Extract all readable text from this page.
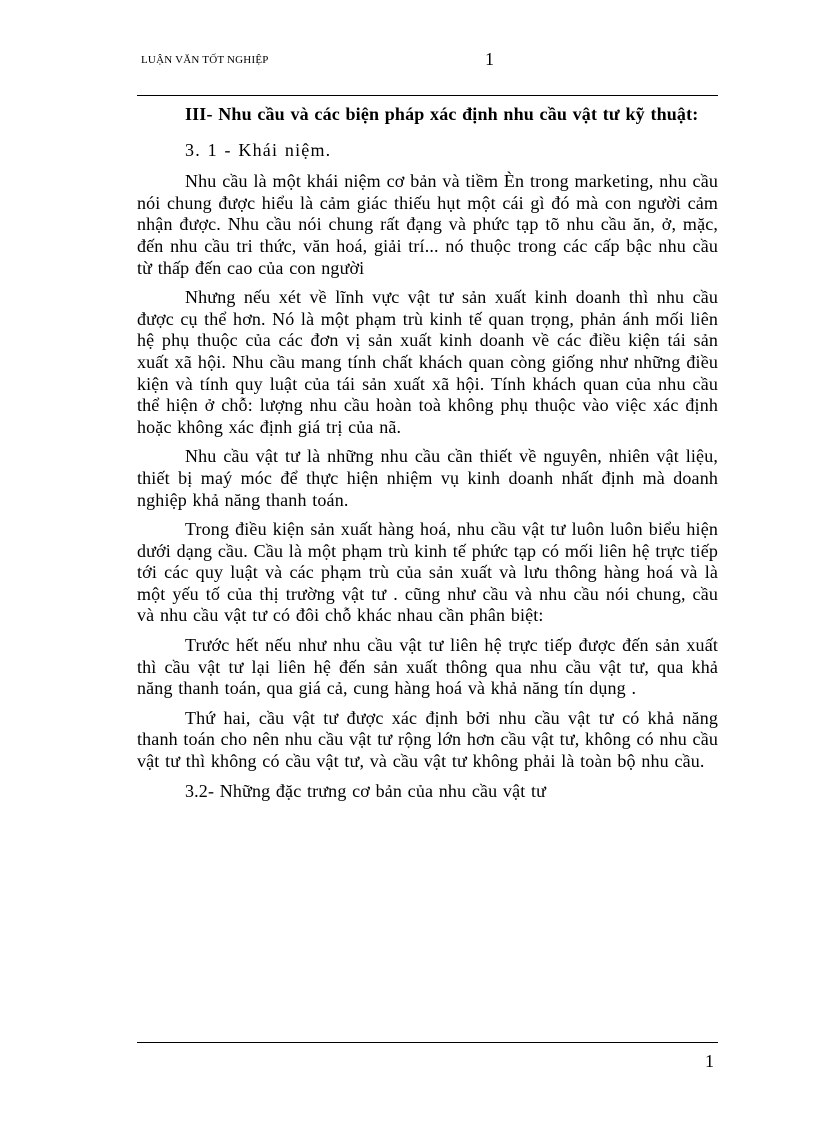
LUẬN VĂN TỐT NGHIỆP	1

III- Nhu cầu và các biện pháp xác định nhu cầu vật tư kỹ thuật:

3. 1 - Khái niệm.

Nhu cầu là một khái niệm cơ bản và tiềm Èn trong marketing, nhu cầu nói chung được hiểu là cảm giác thiếu hụt một cái gì đó mà con người cảm nhận được. Nhu cầu nói chung rất đạng và phức tạp tõ nhu cầu ăn, ở, mặc, đến nhu cầu tri thức, văn hoá, giải trí... nó thuộc trong các cấp bậc nhu cầu từ thấp đến cao của con người

Nhưng nếu xét về lĩnh vực vật tư sản xuất kinh doanh thì nhu cầu được cụ thể hơn. Nó là một phạm trù kinh tế quan trọng, phản ánh mối liên hệ phụ thuộc của các đơn vị sản xuất kinh doanh về các điều kiện tái sản xuất xã hội. Nhu cầu mang tính chất khách quan còng giống như những điều kiện và tính quy luật của tái sản xuất xã hội. Tính khách quan của nhu cầu thể hiện ở chỗ: lượng nhu cầu hoàn toà không phụ thuộc vào việc xác định hoặc không xác định giá trị của nã.

Nhu cầu vật tư là những nhu cầu cần thiết về nguyên, nhiên vật liệu, thiết bị maý móc để thực hiện nhiệm vụ kinh doanh nhất định mà doanh nghiệp khả năng thanh toán.

Trong điều kiện sản xuất hàng hoá, nhu cầu vật tư luôn luôn biểu hiện dưới dạng cầu. Cầu là một phạm trù kinh tế phức tạp có mối liên hệ trực tiếp tới các quy luật và các phạm trù của sản xuất và lưu thông hàng hoá và là một yếu tố của thị trường vật tư . cũng như cầu và nhu cầu nói chung, cầu và nhu cầu vật tư có đôi chỗ khác nhau cần phân biệt:

Trước hết nếu như nhu cầu vật tư liên hệ trực tiếp được đến sản xuất thì cầu vật tư lại liên hệ đến sản xuất thông qua nhu cầu vật tư, qua khả năng thanh toán, qua giá cả, cung hàng hoá và khả năng tín dụng .

Thứ hai, cầu vật tư được xác định bởi nhu cầu vật tư có khả năng thanh toán cho nên nhu cầu vật tư rộng lớn hơn cầu vật tư, không có nhu cầu vật tư thì không có cầu vật tư, và cầu vật tư không phải là toàn bộ nhu cầu.

3.2- Những đặc trưng cơ bản của nhu cầu vật tư

1
